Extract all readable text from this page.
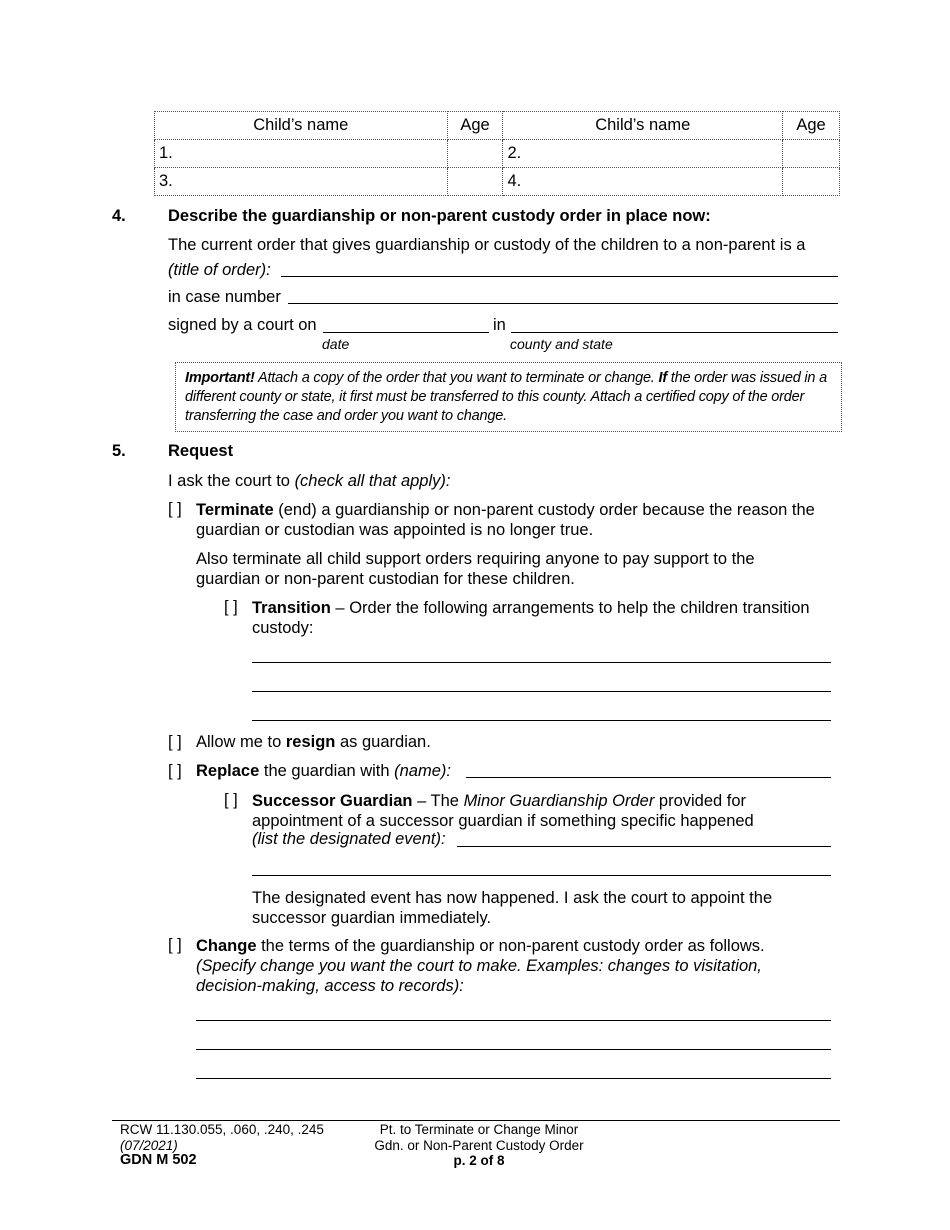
Child’s name	Age	Child’s name	Age
1.		2.	
3.		4.	
4.	Describe the guardianship or non-parent custody order in place now:
The current order that gives guardianship or custody of the children to a non-parent is a
(title of order):
in case number
signed by a court on	in
date	county and state
Important! Attach a copy of the order that you want to terminate or change. If the order was issued in a different county or state, it first must be transferred to this county. Attach a certified copy of the order transferring the case and order you want to change.
5.	Request
I ask the court to (check all that apply):
[ ] Terminate (end) a guardianship or non-parent custody order because the reason the guardian or custodian was appointed is no longer true.
Also terminate all child support orders requiring anyone to pay support to the guardian or non-parent custodian for these children.
[ ] Transition – Order the following arrangements to help the children transition custody:
[ ] Allow me to resign as guardian.
[ ] Replace the guardian with (name):
[ ] Successor Guardian – The Minor Guardianship Order provided for appointment of a successor guardian if something specific happened
(list the designated event):
The designated event has now happened. I ask the court to appoint the successor guardian immediately.
[ ] Change the terms of the guardianship or non-parent custody order as follows.
(Specify change you want the court to make. Examples: changes to visitation, decision-making, access to records):
RCW 11.130.055, .060, .240, .245
(07/2021)
GDN M 502
Pt. to Terminate or Change Minor
Gdn. or Non-Parent Custody Order
p. 2 of 8
